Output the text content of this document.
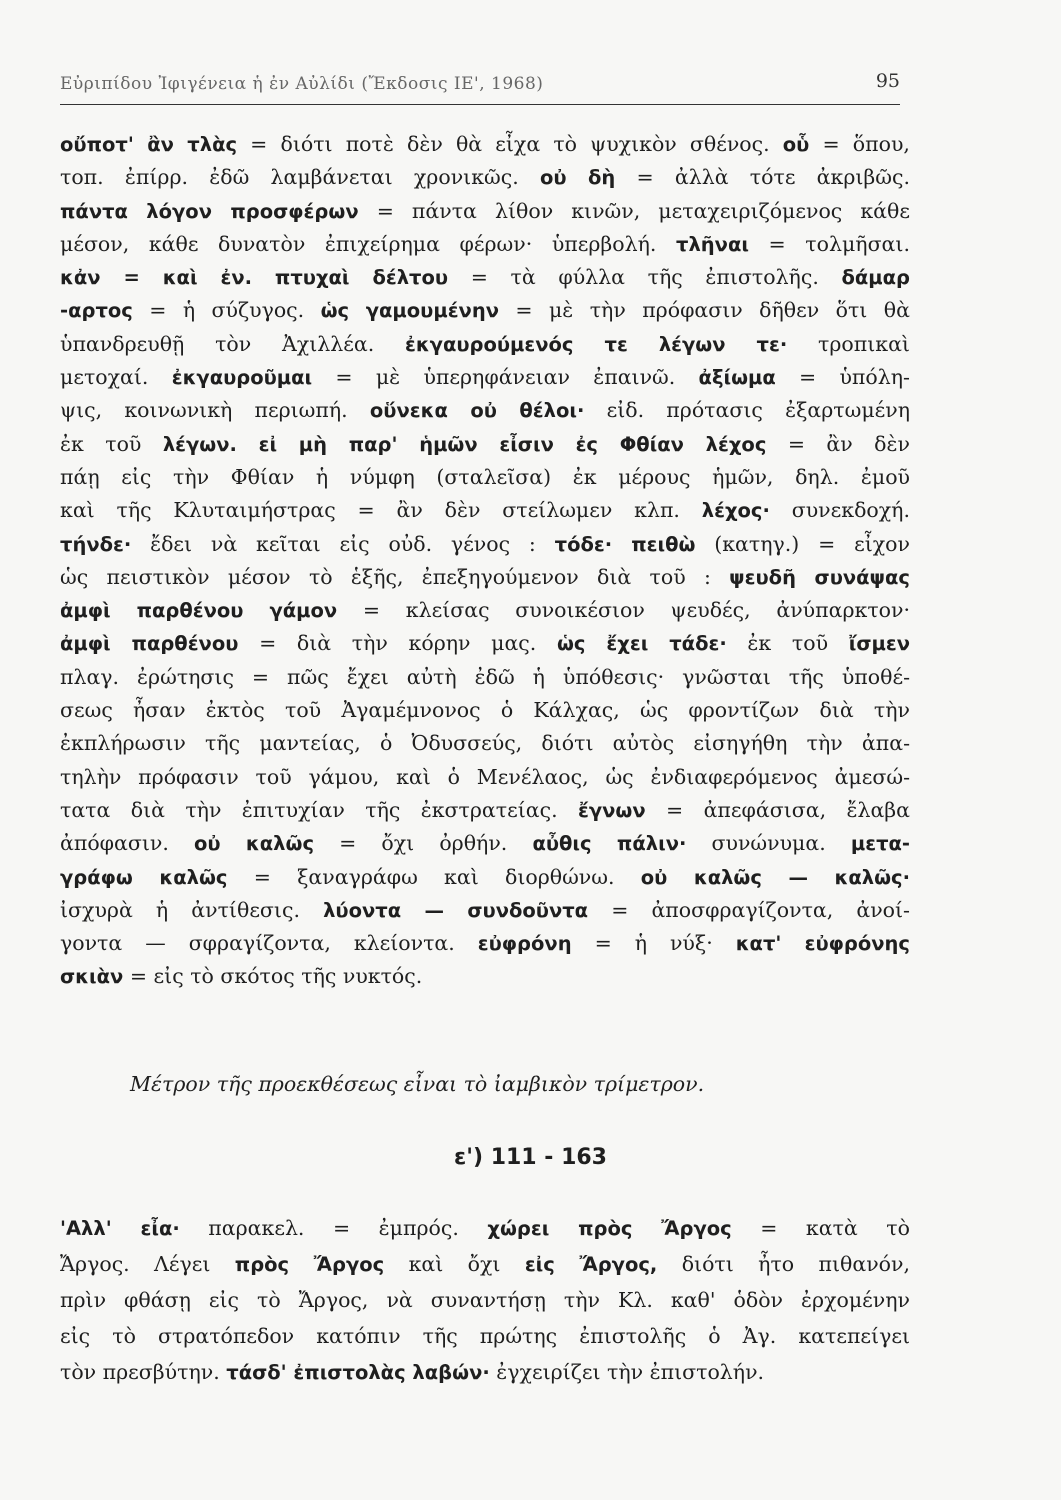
Εὐριπίδου Ἰφιγένεια ἡ ἐν Αὐλίδι (Ἔκδοσις ΙΕ', 1968)	95
οὔποτ' ἂν τλὰς = διότι ποτὲ δὲν θὰ εἶχα τὸ ψυχικὸν σθένος. οὗ = ὅπου,
τοπ. ἐπίρρ. ἐδῶ λαμβάνεται χρονικῶς. οὐ δὴ = ἀλλὰ τότε ἀκριβῶς.
πάντα λόγον προσφέρων = πάντα λίθον κινῶν, μεταχειριζόμενος κάθε
μέσον, κάθε δυνατὸν ἐπιχείρημα φέρων· ὑπερβολή. τλῆναι = τολμῆσαι.
κἀν = καὶ ἐν. πτυχαὶ δέλτου = τὰ φύλλα τῆς ἐπιστολῆς. δάμαρ
-αρτος = ἡ σύζυγος. ὡς γαμουμένην = μὲ τὴν πρόφασιν δῆθεν ὅτι θὰ
ὑπανδρευθῇ τὸν Ἀχιλλέα. ἐκγαυρούμενός τε λέγων τε· τροπικαὶ
μετοχαί. ἐκγαυροῦμαι = μὲ ὑπερηφάνειαν ἐπαινῶ. ἀξίωμα = ὑπόλη-
ψις, κοινωνικὴ περιωπή. οὕνεκα οὐ θέλοι· εἰδ. πρότασις ἐξαρτωμένη
ἐκ τοῦ λέγων. εἰ μὴ παρ' ἡμῶν εἶσιν ἐς Φθίαν λέχος = ἂν δὲν
πάῃ εἰς τὴν Φθίαν ἡ νύμφη (σταλεῖσα) ἐκ μέρους ἡμῶν, δηλ. ἐμοῦ
καὶ τῆς Κλυταιμήστρας = ἂν δὲν στείλωμεν κλπ. λέχος· συνεκδοχή.
τήνδε· ἔδει νὰ κεῖται εἰς οὐδ. γένος : τόδε· πειθὼ (κατηγ.) = εἶχον
ὡς πειστικὸν μέσον τὸ ἑξῆς, ἐπεξηγούμενον διὰ τοῦ : ψευδῆ συνάψας
ἀμφὶ παρθένου γάμον = κλείσας συνοικέσιον ψευδές, ἀνύπαρκτον·
ἀμφὶ παρθένου = διὰ τὴν κόρην μας. ὡς ἔχει τάδε· ἐκ τοῦ ἴσμεν
πλαγ. ἐρώτησις = πῶς ἔχει αὐτὴ ἐδῶ ἡ ὑπόθεσις· γνῶσται τῆς ὑποθέ-
σεως ἦσαν ἐκτὸς τοῦ Ἀγαμέμνονος ὁ Κάλχας, ὡς φροντίζων διὰ τὴν
ἐκπλήρωσιν τῆς μαντείας, ὁ Ὀδυσσεύς, διότι αὐτὸς εἰσηγήθη τὴν ἀπα-
τηλὴν πρόφασιν τοῦ γάμου, καὶ ὁ Μενέλαος, ὡς ἐνδιαφερόμενος ἀμεσώ-
τατα διὰ τὴν ἐπιτυχίαν τῆς ἐκστρατείας. ἔγνων = ἀπεφάσισα, ἔλαβα
ἀπόφασιν. οὐ καλῶς = ὄχι ὀρθήν. αὖθις πάλιν· συνώνυμα. μετα-
γράφω καλῶς = ξαναγράφω καὶ διορθώνω. οὐ καλῶς — καλῶς·
ἰσχυρὰ ἡ ἀντίθεσις. λύοντα — συνδοῦντα = ἀποσφραγίζοντα, ἀνοί-
γοντα — σφραγίζοντα, κλείοντα. εὐφρόνη = ἡ νύξ· κατ' εὐφρόνης
σκιὰν = εἰς τὸ σκότος τῆς νυκτός.
Μέτρον τῆς προεκθέσεως εἶναι τὸ ἰαμβικὸν τρίμετρον.
ε') 111 - 163
'Αλλ' εἶα· παρακελ. = ἐμπρός. χώρει πρὸς Ἄργος = κατὰ τὸ
Ἄργος. Λέγει πρὸς Ἄργος καὶ ὄχι εἰς Ἄργος, διότι ἦτο πιθανόν,
πρὶν φθάσῃ εἰς τὸ Ἄργος, νὰ συναντήσῃ τὴν Κλ. καθ' ὁδὸν ἐρχομένην
εἰς τὸ στρατόπεδον κατόπιν τῆς πρώτης ἐπιστολῆς ὁ Ἀγ. κατεπείγει
τὸν πρεσβύτην. τάσδ' ἐπιστολὰς λαβών· ἐγχειρίζει τὴν ἐπιστολήν.
